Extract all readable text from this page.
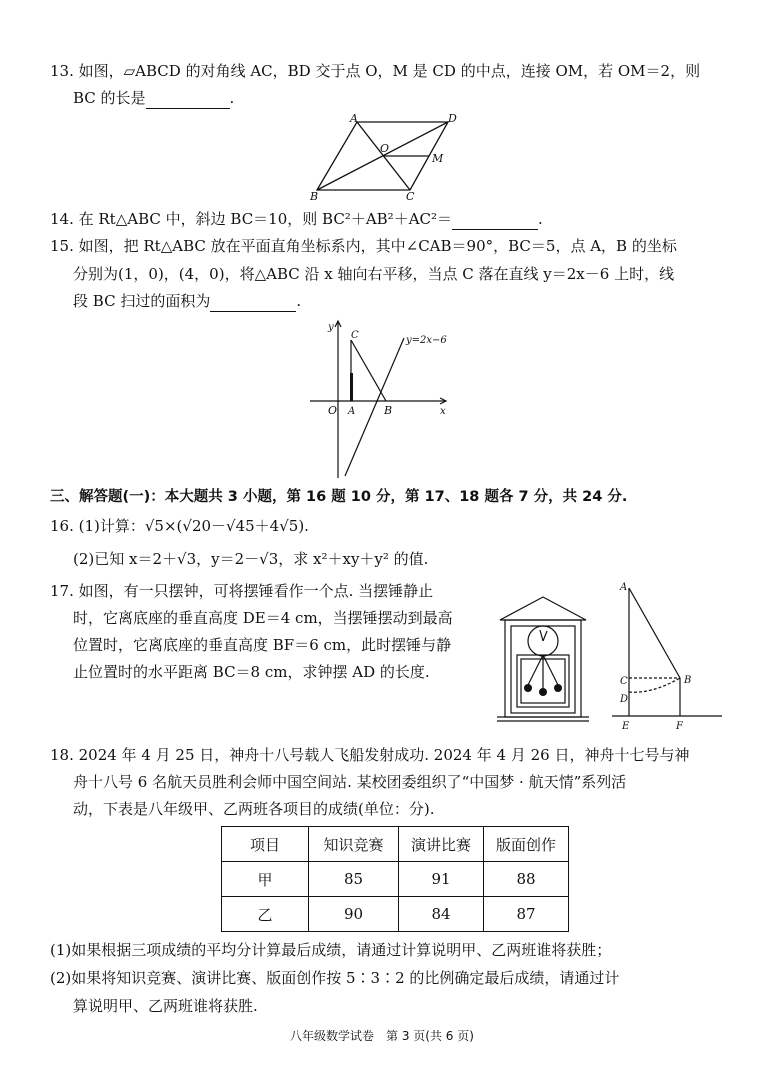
13. 如图，▱ABCD 的对角线 AC，BD 交于点 O，M 是 CD 的中点，连接 OM，若 OM＝2，则
BC 的长是	.
A	D
O
M
B	C
14. 在 Rt△ABC 中，斜边 BC＝10，则 BC²＋AB²＋AC²＝	.
15. 如图，把 Rt△ABC 放在平面直角坐标系内，其中∠CAB＝90°，BC＝5，点 A，B 的坐标
分别为(1，0)，(4，0)，将△ABC 沿 x 轴向右平移，当点 C 落在直线 y＝2x－6 上时，线
段 BC 扫过的面积为	.
y
C	y=2x−6
O A	B	x
三、解答题(一)：本大题共 3 小题，第 16 题 10 分，第 17、18 题各 7 分，共 24 分.
16. (1)计算：√5×(√20－√45＋4√5).
(2)已知 x＝2＋√3，y＝2－√3，求 x²＋xy＋y² 的值.
17. 如图，有一只摆钟，可将摆锤看作一个点. 当摆锤静止
时，它离底座的垂直高度 DE＝4 cm，当摆锤摆动到最高
位置时，它离底座的垂直高度 BF＝6 cm，此时摆锤与静
止位置时的水平距离 BC＝8 cm，求钟摆 AD 的长度.
A
C	B
D
E	F
18. 2024 年 4 月 25 日，神舟十八号载人飞船发射成功. 2024 年 4 月 26 日，神舟十七号与神
舟十八号 6 名航天员胜利会师中国空间站. 某校团委组织了“中国梦 · 航天情”系列活
动，下表是八年级甲、乙两班各项目的成绩(单位：分).
项目	知识竞赛	演讲比赛	版面创作
甲	85	91	88
乙	90	84	87
(1)如果根据三项成绩的平均分计算最后成绩，请通过计算说明甲、乙两班谁将获胜；
(2)如果将知识竞赛、演讲比赛、版面创作按 5∶3∶2 的比例确定最后成绩，请通过计
算说明甲、乙两班谁将获胜.
八年级数学试卷　第 3 页(共 6 页)
